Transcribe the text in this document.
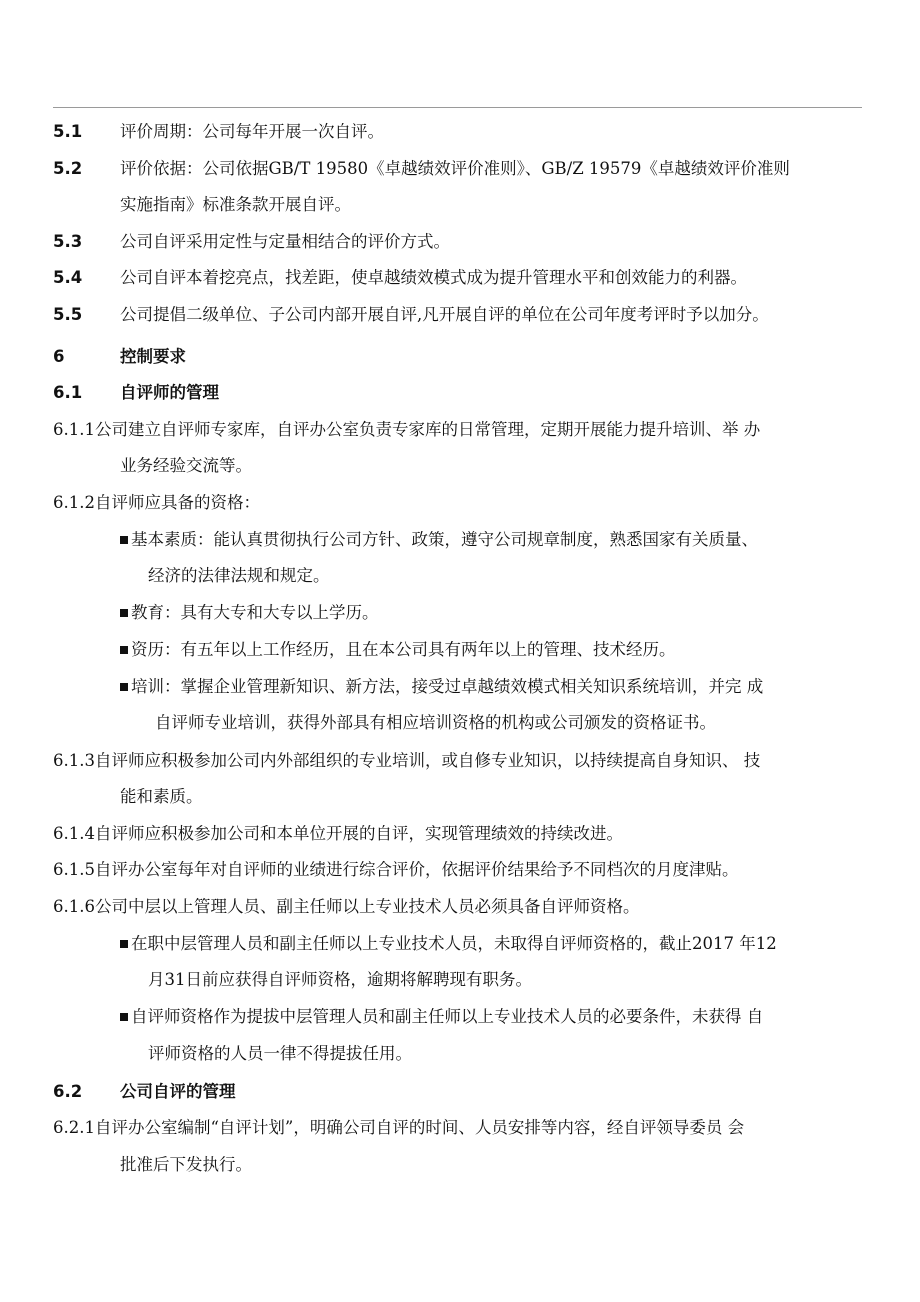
5.1 评价周期：公司每年开展一次自评。
5.2 评价依据：公司依据GB/T 19580《卓越绩效评价准则》、GB/Z 19579《卓越绩效评价准则
实施指南》标准条款开展自评。
5.3 公司自评采用定性与定量相结合的评价方式。
5.4 公司自评本着挖亮点，找差距，使卓越绩效模式成为提升管理水平和创效能力的利器。
5.5 公司提倡二级单位、子公司内部开展自评,凡开展自评的单位在公司年度考评时予以加分。
6	控制要求
6.1 自评师的管理
6.1.1公司建立自评师专家库，自评办公室负责专家库的日常管理，定期开展能力提升培训、举 办
业务经验交流等。
6.1.2自评师应具备的资格：
基本素质：能认真贯彻执行公司方针、政策，遵守公司规章制度，熟悉国家有关质量、
经济的法律法规和规定。
教育：具有大专和大专以上学历。
资历：有五年以上工作经历，且在本公司具有两年以上的管理、技术经历。
培训：掌握企业管理新知识、新方法，接受过卓越绩效模式相关知识系统培训，并完 成
自评师专业培训，获得外部具有相应培训资格的机构或公司颁发的资格证书。
6.1.3自评师应积极参加公司内外部组织的专业培训，或自修专业知识，以持续提高自身知识、 技
能和素质。
6.1.4自评师应积极参加公司和本单位开展的自评，实现管理绩效的持续改进。
6.1.5自评办公室每年对自评师的业绩进行综合评价，依据评价结果给予不同档次的月度津贴。
6.1.6公司中层以上管理人员、副主任师以上专业技术人员必须具备自评师资格。
在职中层管理人员和副主任师以上专业技术人员，未取得自评师资格的，截止2017 年12
月31日前应获得自评师资格，逾期将解聘现有职务。
自评师资格作为提拔中层管理人员和副主任师以上专业技术人员的必要条件，未获得 自
评师资格的人员一律不得提拔任用。
6.2 公司自评的管理
6.2.1自评办公室编制“自评计划”，明确公司自评的时间、人员安排等内容，经自评领导委员 会
批准后下发执行。
